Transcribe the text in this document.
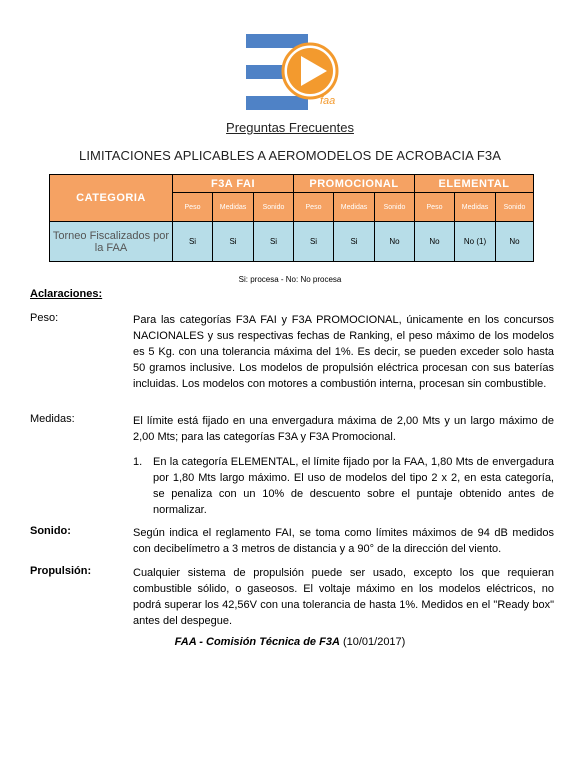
faa
Preguntas Frecuentes
LIMITACIONES APLICABLES A AEROMODELOS DE ACROBACIA F3A
CATEGORIA	F3A FAI			PROMOCIONAL			ELEMENTAL		
	Peso	Medidas	Sonido	Peso	Medidas	Sonido	Peso	Medidas	Sonido
Torneo Fiscalizados por la FAA	Si	Si	Si	Si	Si	No	No	No (1)	No
Si: procesa - No: No procesa
Aclaraciones:
Peso:	Para las categorías F3A FAI y F3A PROMOCIONAL, únicamente en los concursos NACIONALES y sus respectivas fechas de Ranking, el peso máximo de los modelos es 5 Kg. con una tolerancia máxima del 1%. Es decir, se pueden exceder solo hasta 50 gramos inclusive. Los modelos de propulsión eléctrica procesan con sus baterías incluidas. Los modelos con motores a combustión interna, procesan sin combustible.
Medidas:	El límite está fijado en una envergadura máxima de 2,00 Mts y un largo máximo de 2,00 Mts; para las categorías F3A y F3A Promocional.
1. En la categoría ELEMENTAL, el límite fijado por la FAA, 1,80 Mts de envergadura por 1,80 Mts largo máximo. El uso de modelos del tipo 2 x 2, en esta categoría, se penaliza con un 10% de descuento sobre el puntaje obtenido antes de normalizar.
Sonido:	Según indica el reglamento FAI, se toma como límites máximos de 94 dB medidos con decibelímetro a 3 metros de distancia y a 90° de la dirección del viento.
Propulsión:	Cualquier sistema de propulsión puede ser usado, excepto los que requieran combustible sólido, o gaseosos. El voltaje máximo en los modelos eléctricos, no podrá superar los 42,56V con una tolerancia de hasta 1%. Medidos en el "Ready box" antes del despegue.
FAA - Comisión Técnica de F3A (10/01/2017)
